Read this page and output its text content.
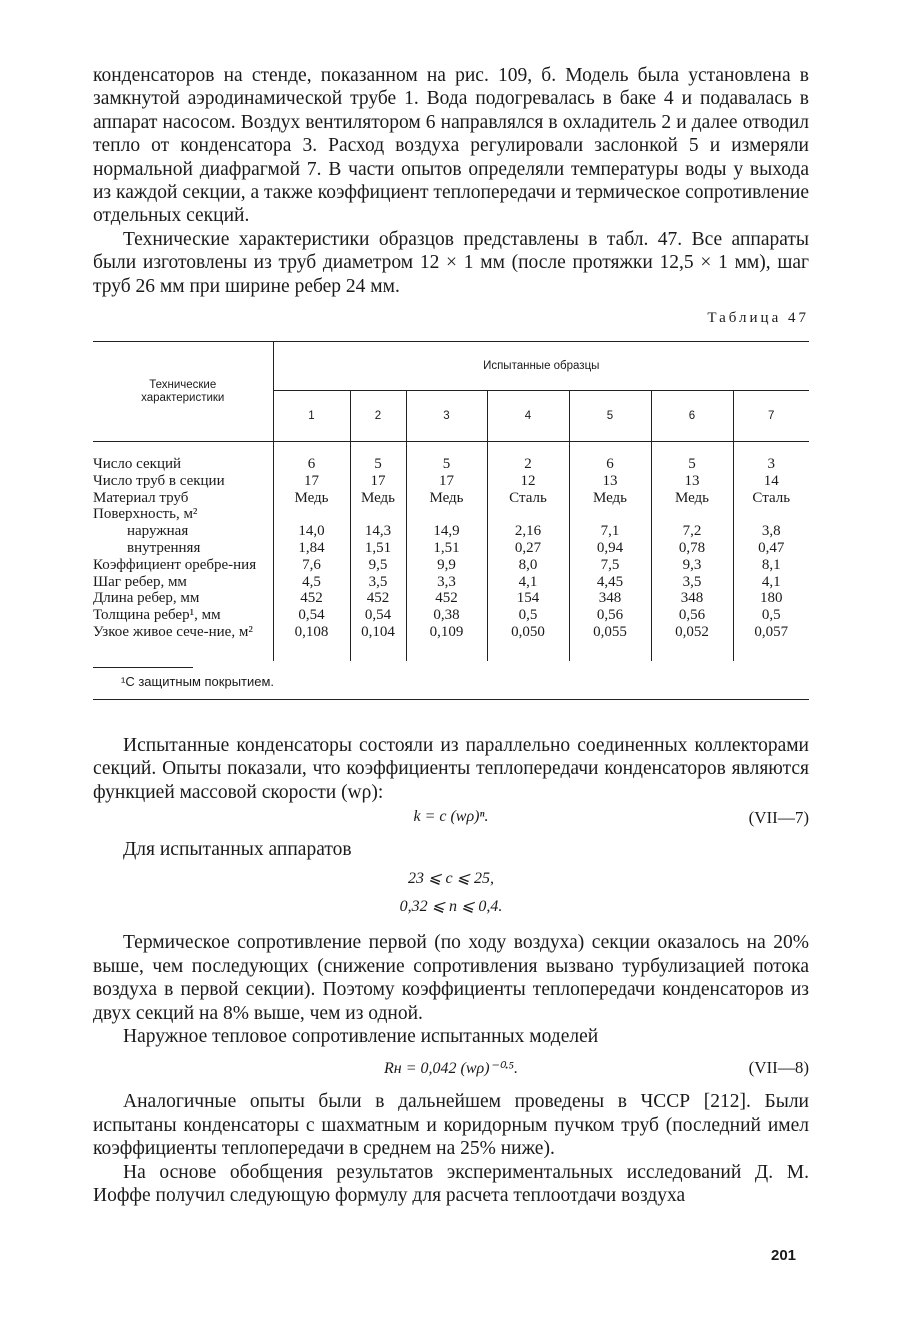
конденсаторов на стенде, показанном на рис. 109, б. Модель была установлена в замкнутой аэродинамической трубе 1. Вода подогревалась в баке 4 и подавалась в аппарат насосом. Воздух вентилятором 6 направлялся в охладитель 2 и далее отводил тепло от конденсатора 3. Расход воздуха регулировали заслонкой 5 и измеряли нормальной диафрагмой 7. В части опытов определяли температуры воды у выхода из каждой секции, а также коэффициент теплопередачи и термическое сопротивление отдельных секций.

Технические характеристики образцов представлены в табл. 47. Все аппараты были изготовлены из труб диаметром 12 × 1 мм (после протяжки 12,5 × 1 мм), шаг труб 26 мм при ширине ребер 24 мм.

Таблица 47
Технические характеристики	Испытанные образцы						
	1	2	3	4	5	6	7

Число секций	6	5	5	2	6	5	3
Число труб в секции	17	17	17	12	13	13	14
Материал труб	Медь	Медь	Медь	Сталь	Медь	Медь	Сталь
Поверхность, м²							
наружная	14,0	14,3	14,9	2,16	7,1	7,2	3,8
внутренняя	1,84	1,51	1,51	0,27	0,94	0,78	0,47
Коэффициент оребре-ния	7,6	9,5	9,9	8,0	7,5	9,3	8,1
Шаг ребер, мм	4,5	3,5	3,3	4,1	4,45	3,5	4,1
Длина ребер, мм	452	452	452	154	348	348	180
Толщина ребер¹, мм	0,54	0,54	0,38	0,5	0,56	0,56	0,5
Узкое живое сече-ние, м²	0,108	0,104	0,109	0,050	0,055	0,052	0,057

¹С защитным покрытием.

Испытанные конденсаторы состояли из параллельно соединенных коллекторами секций. Опыты показали, что коэффициенты теплопередачи конденсаторов являются функцией массовой скорости (wρ):

k = c (wρ)ⁿ.	(VII—7)

Для испытанных аппаратов

23 ⩽ c ⩽ 25,
0,32 ⩽ n ⩽ 0,4.

Термическое сопротивление первой (по ходу воздуха) секции оказалось на 20% выше, чем последующих (снижение сопротивления вызвано турбулизацией потока воздуха в первой секции). Поэтому коэффициенты теплопередачи конденсаторов из двух секций на 8% выше, чем из одной.

Наружное тепловое сопротивление испытанных моделей

Rн = 0,042 (wρ)⁻⁰·⁵.	(VII—8)

Аналогичные опыты были в дальнейшем проведены в ЧССР [212]. Были испытаны конденсаторы с шахматным и коридорным пучком труб (последний имел коэффициенты теплопередачи в среднем на 25% ниже).

На основе обобщения результатов экспериментальных исследований Д. М. Иоффе получил следующую формулу для расчета теплоотдачи воздуха

201
